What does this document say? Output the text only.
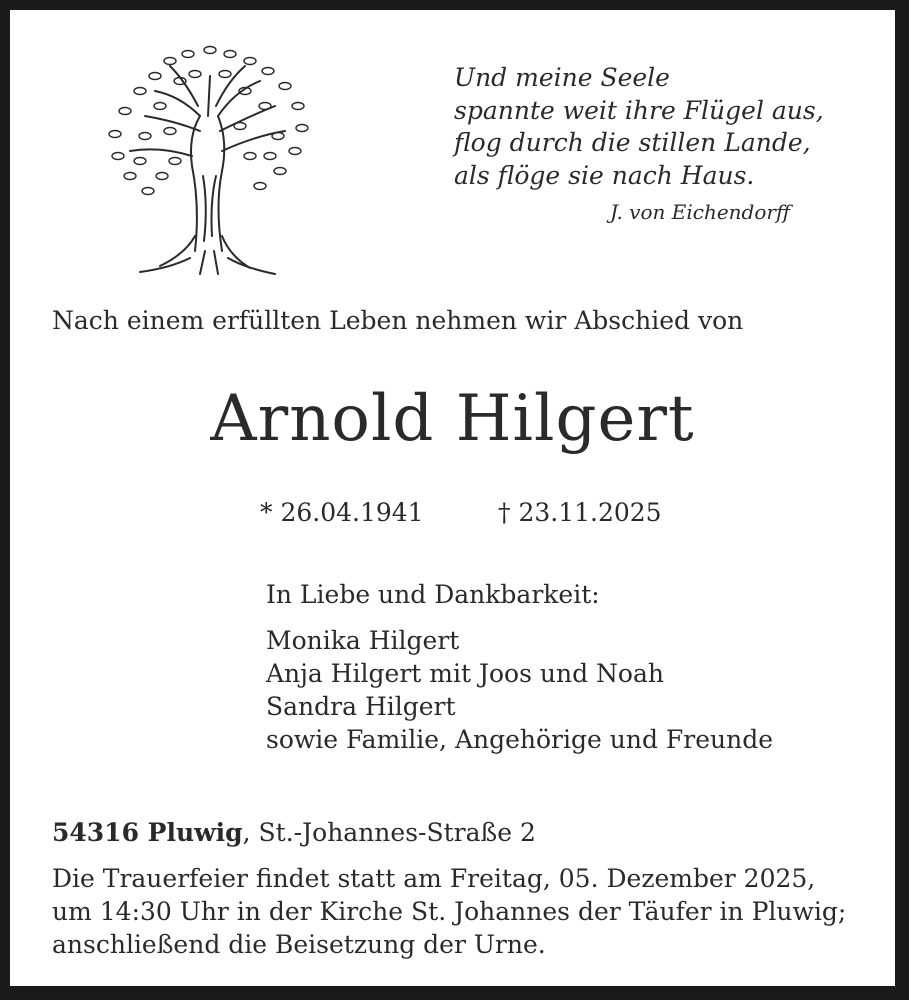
Und meine Seele
spannte weit ihre Flügel aus,
flog durch die stillen Lande,
als flöge sie nach Haus.
J. von Eichendorff
Nach einem erfüllten Leben nehmen wir Abschied von
Arnold Hilgert
* 26.04.1941	† 23.11.2025
In Liebe und Dankbarkeit:
Monika Hilgert
Anja Hilgert mit Joos und Noah
Sandra Hilgert
sowie Familie, Angehörige und Freunde
54316 Pluwig, St.-Johannes-Straße 2
Die Trauerfeier findet statt am Freitag, 05. Dezember 2025,
um 14:30 Uhr in der Kirche St. Johannes der Täufer in Pluwig;
anschließend die Beisetzung der Urne.
